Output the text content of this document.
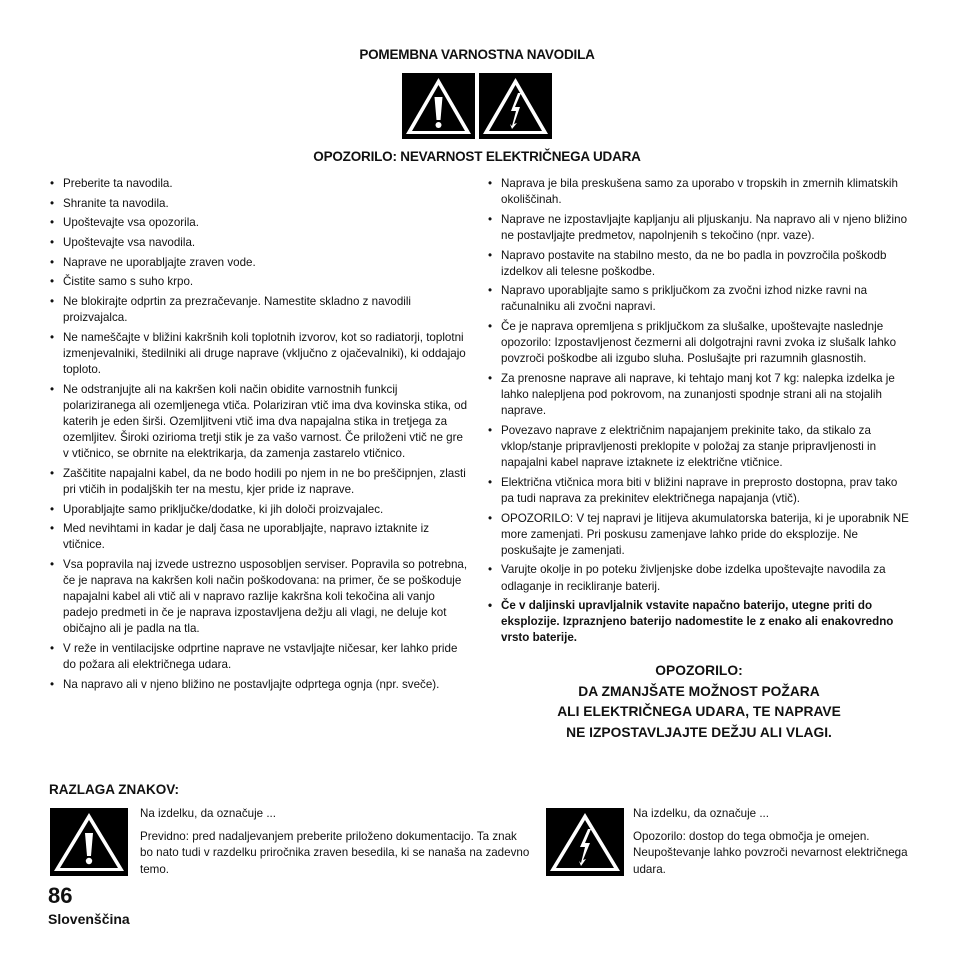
POMEMBNA VARNOSTNA NAVODILA
OPOZORILO: NEVARNOST ELEKTRIČNEGA UDARA
• Preberite ta navodila.
• Shranite ta navodila.
• Upoštevajte vsa opozorila.
• Upoštevajte vsa navodila.
• Naprave ne uporabljajte zraven vode.
• Čistite samo s suho krpo.
• Ne blokirajte odprtin za prezračevanje. Namestite skladno z navodili proizvajalca.
• Ne nameščajte v bližini kakršnih koli toplotnih izvorov, kot so radiatorji, toplotni izmenjevalniki, štedilniki ali druge naprave (vključno z ojačevalniki), ki oddajajo toploto.
• Ne odstranjujte ali na kakršen koli način obidite varnostnih funkcij polariziranega ali ozemljenega vtiča. Polariziran vtič ima dva kovinska stika, od katerih je eden širši. Ozemljitveni vtič ima dva napajalna stika in tretjega za ozemljitev. Široki ozirioma tretji stik je za vašo varnost. Če priloženi vtič ne gre v vtičnico, se obrnite na elektrikarja, da zamenja zastarelo vtičnico.
• Zaščitite napajalni kabel, da ne bodo hodili po njem in ne bo preščipnjen, zlasti pri vtičih in podaljških ter na mestu, kjer pride iz naprave.
• Uporabljajte samo priključke/dodatke, ki jih določi proizvajalec.
• Med nevihtami in kadar je dalj časa ne uporabljajte, napravo iztaknite iz vtičnice.
• Vsa popravila naj izvede ustrezno usposobljen serviser. Popravila so potrebna, če je naprava na kakršen koli način poškodovana: na primer, če se poškoduje napajalni kabel ali vtič ali v napravo razlije kakršna koli tekočina ali vanjo padejo predmeti in če je naprava izpostavljena dežju ali vlagi, ne deluje kot običajno ali je padla na tla.
• V reže in ventilacijske odprtine naprave ne vstavljajte ničesar, ker lahko pride do požara ali električnega udara.
• Na napravo ali v njeno bližino ne postavljajte odprtega ognja (npr. sveče).
• Naprava je bila preskušena samo za uporabo v tropskih in zmernih klimatskih okoliščinah.
• Naprave ne izpostavljajte kapljanju ali pljuskanju. Na napravo ali v njeno bližino ne postavljajte predmetov, napolnjenih s tekočino (npr. vaze).
• Napravo postavite na stabilno mesto, da ne bo padla in povzročila poškodb izdelkov ali telesne poškodbe.
• Napravo uporabljajte samo s priključkom za zvočni izhod nizke ravni na računalniku ali zvočni napravi.
• Če je naprava opremljena s priključkom za slušalke, upoštevajte naslednje opozorilo: Izpostavljenost čezmerni ali dolgotrajni ravni zvoka iz slušalk lahko povzroči poškodbe ali izgubo sluha. Poslušajte pri razumnih glasnostih.
• Za prenosne naprave ali naprave, ki tehtajo manj kot 7 kg: nalepka izdelka je lahko nalepljena pod pokrovom, na zunanjosti spodnje strani ali na stojalih naprave.
• Povezavo naprave z električnim napajanjem prekinite tako, da stikalo za vklop/stanje pripravljenosti preklopite v položaj za stanje pripravljenosti in napajalni kabel naprave iztaknete iz električne vtičnice.
• Električna vtičnica mora biti v bližini naprave in preprosto dostopna, prav tako pa tudi naprava za prekinitev električnega napajanja (vtič).
• OPOZORILO: V tej napravi je litijeva akumulatorska baterija, ki je uporabnik NE more zamenjati. Pri poskusu zamenjave lahko pride do eksplozije. Ne poskušajte je zamenjati.
• Varujte okolje in po poteku življenjske dobe izdelka upoštevajte navodila za odlaganje in recikliranje baterij.
• Če v daljinski upravljalnik vstavite napačno baterijo, utegne priti do eksplozije. Izpraznjeno baterijo nadomestite le z enako ali enakovredno vrsto baterije.
OPOZORILO:
DA ZMANJŠATE MOŽNOST POŽARA
ALI ELEKTRIČNEGA UDARA, TE NAPRAVE
NE IZPOSTAVLJAJTE DEŽJU ALI VLAGI.
RAZLAGA ZNAKOV:

Na izdelku, da označuje ...

Previdno: pred nadaljevanjem preberite priloženo dokumentacijo. Ta znak bo nato tudi v razdelku priročnika zraven besedila, ki se nanaša na zadevno temo.

Na izdelku, da označuje ...

Opozorilo: dostop do tega območja je omejen. Neupoštevanje lahko povzroči nevarnost električnega udara.

86
Slovenščina
